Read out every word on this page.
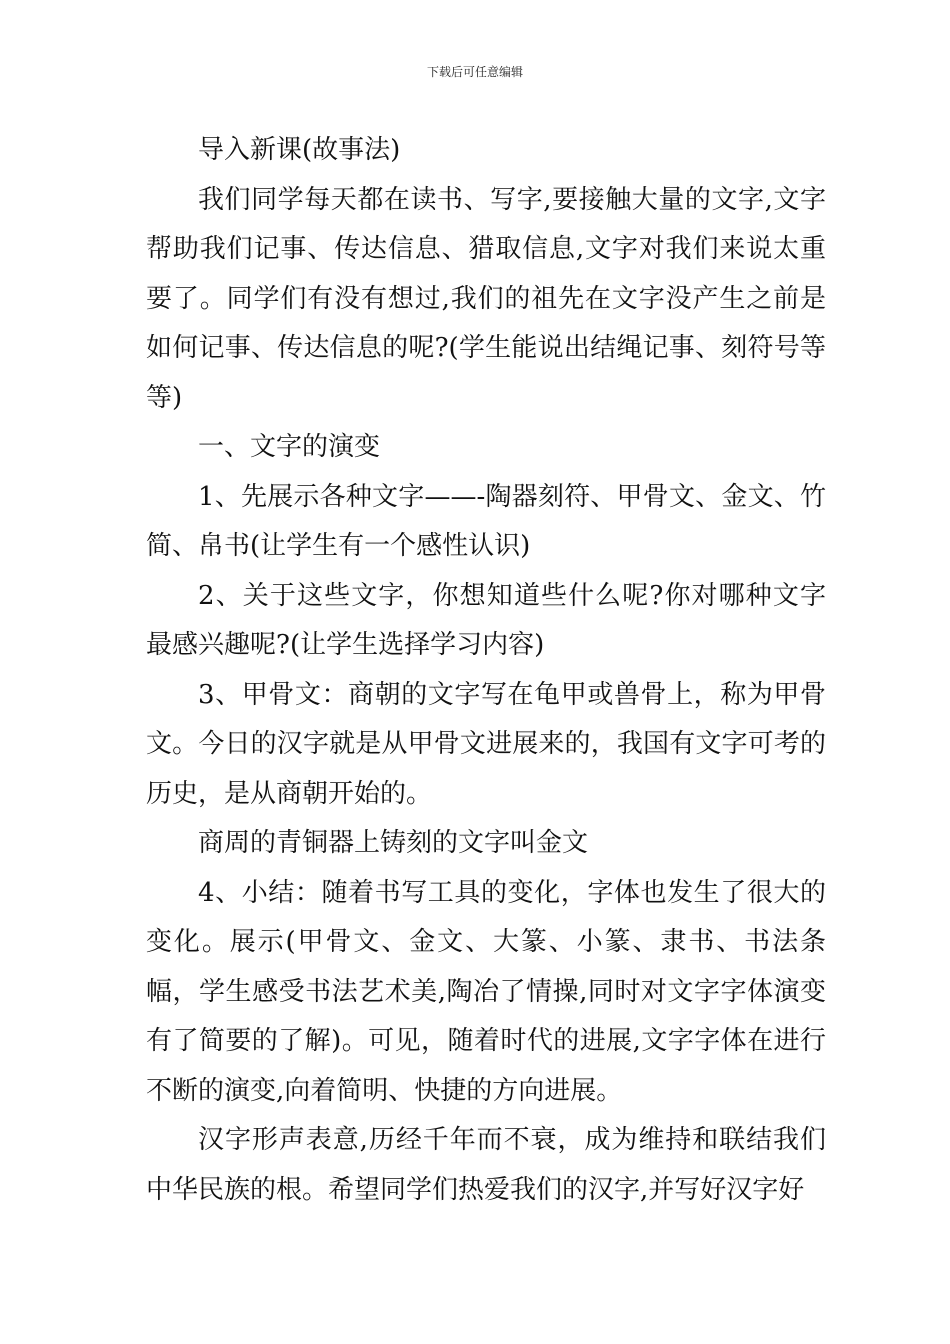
下载后可任意编辑

导入新课(故事法)

我们同学每天都在读书、写字,要接触大量的文字,文字帮助我们记事、传达信息、猎取信息,文字对我们来说太重要了。同学们有没有想过,我们的祖先在文字没产生之前是如何记事、传达信息的呢?(学生能说出结绳记事、刻符号等等)

一、文字的演变

1、先展示各种文字——-陶器刻符、甲骨文、金文、竹简、帛书(让学生有一个感性认识)

2、关于这些文字，你想知道些什么呢?你对哪种文字最感兴趣呢?(让学生选择学习内容)

3、甲骨文：商朝的文字写在龟甲或兽骨上，称为甲骨文。今日的汉字就是从甲骨文进展来的，我国有文字可考的历史，是从商朝开始的。

商周的青铜器上铸刻的文字叫金文

4、小结：随着书写工具的变化，字体也发生了很大的变化。展示(甲骨文、金文、大篆、小篆、隶书、书法条幅，学生感受书法艺术美,陶冶了情操,同时对文字字体演变有了简要的了解)。可见，随着时代的进展,文字字体在进行不断的演变,向着简明、快捷的方向进展。

汉字形声表意,历经千年而不衰，成为维持和联结我们中华民族的根。希望同学们热爱我们的汉字,并写好汉字好
